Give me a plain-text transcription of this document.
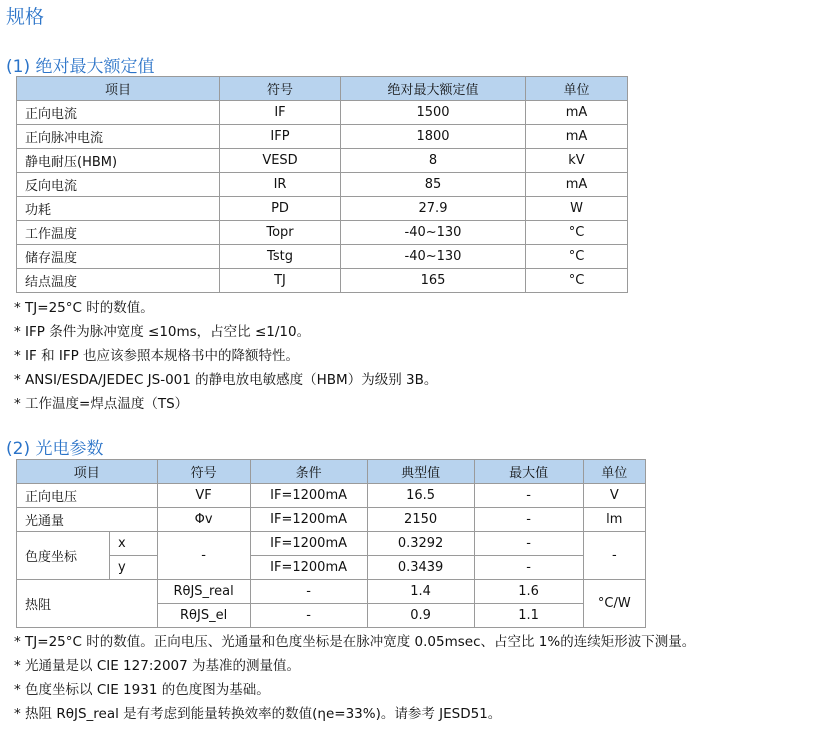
规格
(1) 绝对最大额定值
项目	符号	绝对最大额定值	单位
正向电流	IF	1500	mA
正向脉冲电流	IFP	1800	mA
静电耐压(HBM)	VESD	8	kV
反向电流	IR	85	mA
功耗	PD	27.9	W
工作温度	Topr	-40~130	°C
储存温度	Tstg	-40~130	°C
结点温度	TJ	165	°C
* TJ=25°C 时的数值。
* IFP 条件为脉冲宽度 ≤10ms，占空比 ≤1/10。
* IF 和 IFP 也应该参照本规格书中的降额特性。
* ANSI/ESDA/JEDEC JS-001 的静电放电敏感度（HBM）为级别 3B。
* 工作温度=焊点温度（TS）
(2) 光电参数
项目		符号	条件	典型值	最大值	单位
正向电压		VF	IF=1200mA	16.5	-	V
光通量		Φv	IF=1200mA	2150	-	lm
色度坐标	x	-	IF=1200mA	0.3292	-	-
	y		IF=1200mA	0.3439	-	
热阻		RθJS_real	-	1.4	1.6	°C/W
		RθJS_el	-	0.9	1.1	
* TJ=25°C 时的数值。正向电压、光通量和色度坐标是在脉冲宽度 0.05msec、占空比 1%的连续矩形波下测量。
* 光通量是以 CIE 127:2007 为基准的测量值。
* 色度坐标以 CIE 1931 的色度图为基础。
* 热阻 RθJS_real 是有考虑到能量转换效率的数值(ηe=33%)。请参考 JESD51。
